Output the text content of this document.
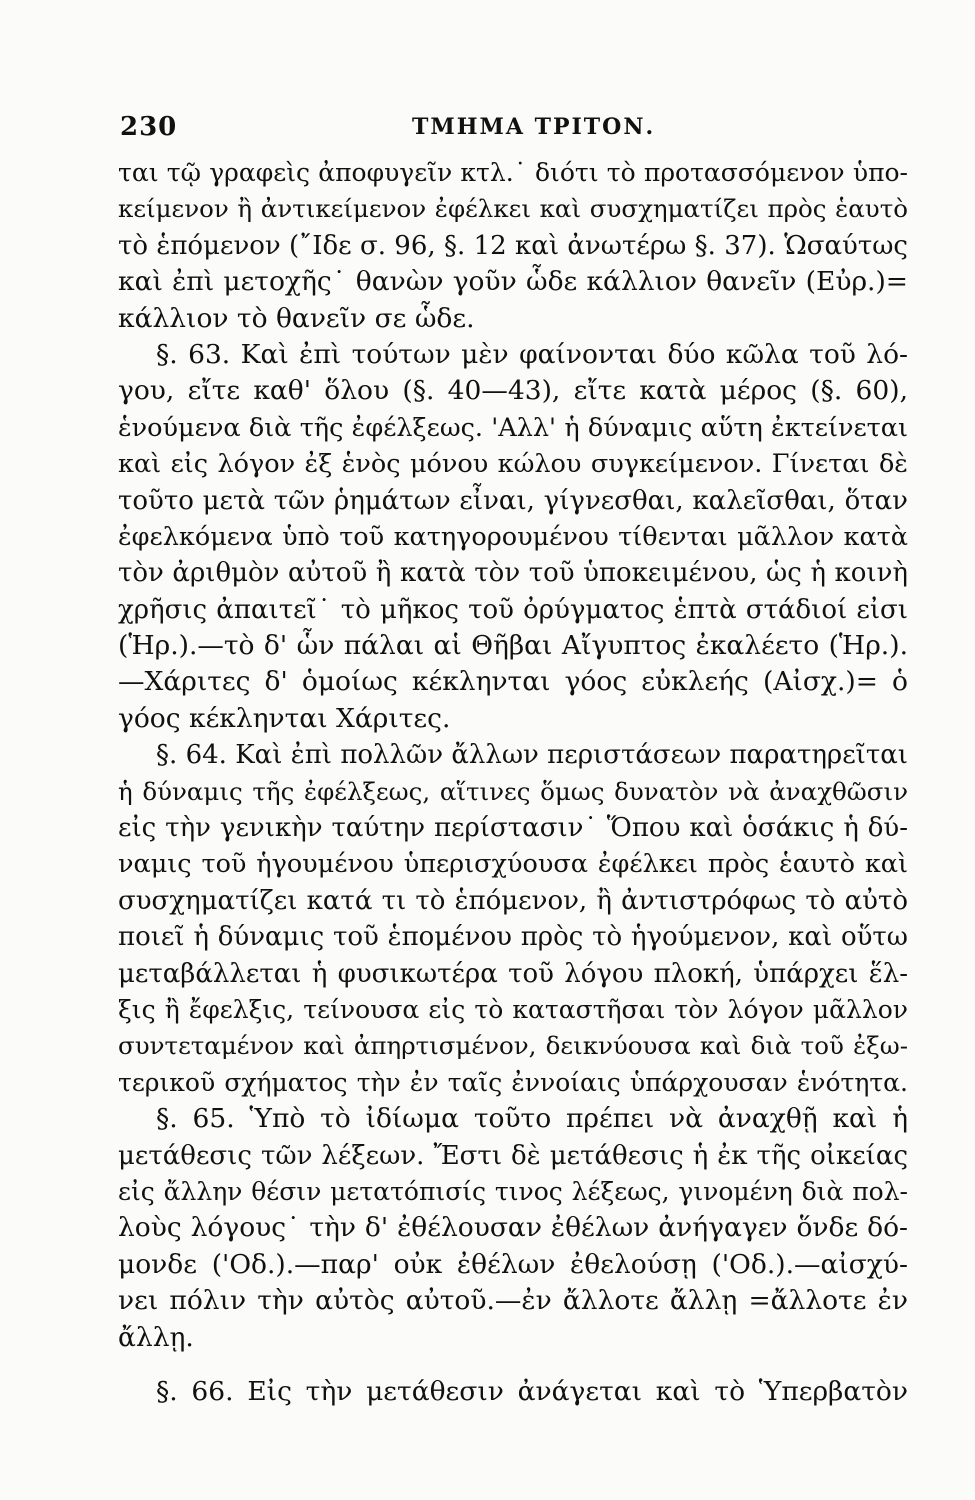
230	ΤΜΗΜΑ ΤΡΙΤΟΝ.
ται τῷ γραφεὶς ἀποφυγεῖν κτλ.˙ διότι τὸ προτασσόμενον ὑπο-
κείμενον ἢ ἀντικείμενον ἐφέλκει καὶ συσχηματίζει πρὸς ἑαυτὸ
τὸ ἑπόμενον (῎Ιδε σ. 96, §. 12 καὶ ἀνωτέρω §. 37). Ὡσαύτως
καὶ ἐπὶ μετοχῆς˙ θανὼν γοῦν ὧδε κάλλιον θανεῖν (Εὐρ.)=
κάλλιον τὸ θανεῖν σε ὧδε.
§. 63. Καὶ ἐπὶ τούτων μὲν φαίνονται δύο κῶλα τοῦ λό-
γου, εἴτε καθ' ὅλου (§. 40—43), εἴτε κατὰ μέρος (§. 60),
ἑνούμενα διὰ τῆς ἐφέλξεως. 'Αλλ' ἡ δύναμις αὕτη ἐκτείνεται
καὶ εἰς λόγον ἐξ ἑνὸς μόνου κώλου συγκείμενον. Γίνεται δὲ
τοῦτο μετὰ τῶν ῥημάτων εἶναι, γίγνεσθαι, καλεῖσθαι, ὅταν
ἐφελκόμενα ὑπὸ τοῦ κατηγορουμένου τίθενται μᾶλλον κατὰ
τὸν ἀριθμὸν αὐτοῦ ἢ κατὰ τὸν τοῦ ὑποκειμένου, ὡς ἡ κοινὴ
χρῆσις ἀπαιτεῖ˙ τὸ μῆκος τοῦ ὀρύγματος ἑπτὰ στάδιοί εἰσι
(Ἡρ.).—τὸ δ' ὧν πάλαι αἱ Θῆβαι Αἴγυπτος ἐκαλέετο (Ἡρ.).
—Χάριτες δ' ὁμοίως κέκληνται γόος εὐκλεής (Αἰσχ.)= ὁ
γόος κέκληνται Χάριτες.
§. 64. Καὶ ἐπὶ πολλῶν ἄλλων περιστάσεων παρατηρεῖται
ἡ δύναμις τῆς ἐφέλξεως, αἵτινες ὅμως δυνατὸν νὰ ἀναχθῶσιν
εἰς τὴν γενικὴν ταύτην περίστασιν˙ Ὅπου καὶ ὁσάκις ἡ δύ-
ναμις τοῦ ἡγουμένου ὑπερισχύουσα ἐφέλκει πρὸς ἑαυτὸ καὶ
συσχηματίζει κατά τι τὸ ἑπόμενον, ἢ ἀντιστρόφως τὸ αὐτὸ
ποιεῖ ἡ δύναμις τοῦ ἑπομένου πρὸς τὸ ἡγούμενον, καὶ οὕτω
μεταβάλλεται ἡ φυσικωτέρα τοῦ λόγου πλοκή, ὑπάρχει ἕλ-
ξις ἢ ἔφελξις, τείνουσα εἰς τὸ καταστῆσαι τὸν λόγον μᾶλλον
συντεταμένον καὶ ἀπηρτισμένον, δεικνύουσα καὶ διὰ τοῦ ἐξω-
τερικοῦ σχήματος τὴν ἐν ταῖς ἐννοίαις ὑπάρχουσαν ἑνότητα.
§. 65. Ὑπὸ τὸ ἰδίωμα τοῦτο πρέπει νὰ ἀναχθῇ καὶ ἡ
μετάθεσις τῶν λέξεων. Ἔστι δὲ μετάθεσις ἡ ἐκ τῆς οἰκείας
εἰς ἄλλην θέσιν μετατόπισίς τινος λέξεως, γινομένη διὰ πολ-
λοὺς λόγους˙ τὴν δ' ἐθέλουσαν ἐθέλων ἀνήγαγεν ὅνδε δό-
μονδε ('Οδ.).—παρ' οὐκ ἐθέλων ἐθελούσῃ ('Οδ.).—αἰσχύ-
νει πόλιν τὴν αὐτὸς αὐτοῦ.—ἐν ἄλλοτε ἄλλῃ =ἄλλοτε ἐν
ἄλλῃ.
§. 66. Εἰς τὴν μετάθεσιν ἀνάγεται καὶ τὸ Ὑπερβατὸν
